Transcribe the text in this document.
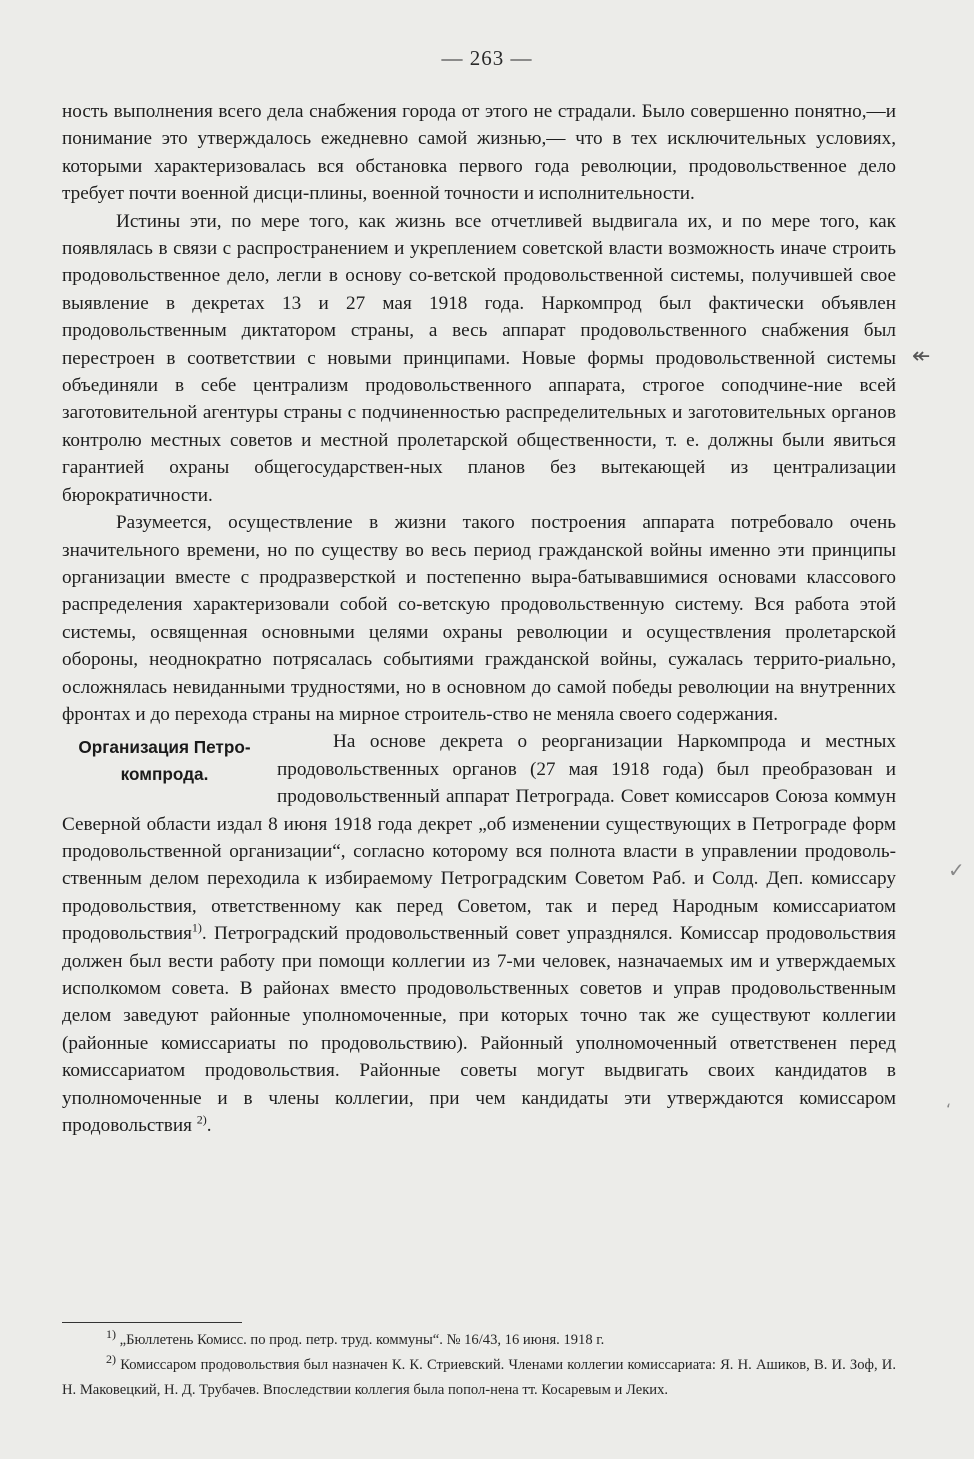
— 263 —

ность выполнения всего дела снабжения города от этого не страдали. Было совершенно понятно,—и понимание это утверждалось ежедневно самой жизнью,— что в тех исключительных условиях, которыми характеризовалась вся обстановка первого года революции, продовольственное дело требует почти военной дисци-плины, военной точности и исполнительности.

Истины эти, по мере того, как жизнь все отчетливей выдвигала их, и по мере того, как появлялась в связи с распространением и укреплением советской власти возможность иначе строить продовольственное дело, легли в основу со-ветской продовольственной системы, получившей свое выявление в декретах 13 и 27 мая 1918 года. Наркомпрод был фактически объявлен продовольственным диктатором страны, а весь аппарат продовольственного снабжения был перестроен в соответствии с новыми принципами. Новые формы продовольственной системы объединяли в себе централизм продовольственного аппарата, строгое соподчине-ние всей заготовительной агентуры страны с подчиненностью распределительных и заготовительных органов контролю местных советов и местной пролетарской общественности, т. е. должны были явиться гарантией охраны общегосударствен-ных планов без вытекающей из централизации бюрократичности.

Разумеется, осуществление в жизни такого построения аппарата потребовало очень значительного времени, но по существу во весь период гражданской войны именно эти принципы организации вместе с продразверсткой и постепенно выра-батывавшимися основами классового распределения характеризовали собой со-ветскую продовольственную систему. Вся работа этой системы, освященная основными целями охраны революции и осуществления пролетарской обороны, неоднократно потрясалась событиями гражданской войны, сужалась террито-риально, осложнялась невиданными трудностями, но в основном до самой победы революции на внутренних фронтах и до перехода страны на мирное строитель-ство не меняла своего содержания.

Организация Петро-
компрода.

На основе декрета о реорганизации Наркомпрода и местных продовольственных органов (27 мая 1918 года) был преобразован и продовольственный аппарат Петрограда. Совет комиссаров Союза коммун Северной области издал 8 июня 1918 года декрет „об изменении существующих в Петрограде форм продовольственной организации“, согласно которому вся полнота власти в управлении продоволь-ственным делом переходила к избираемому Петроградским Советом Раб. и Солд. Деп. комиссару продовольствия, ответственному как перед Советом, так и перед Народным комиссариатом продовольствия$^{1)}$. Петроградский продовольственный совет упразднялся. Комиссар продовольствия должен был вести работу при помощи коллегии из 7-ми человек, назначаемых им и утверждаемых исполкомом совета. В районах вместо продовольственных советов и управ продовольственным делом заведуют районные уполномоченные, при которых точно так же существуют коллегии (районные комиссариаты по продовольствию). Районный уполномоченный ответственен перед комиссариатом продовольствия. Районные советы могут выдвигать своих кандидатов в уполномоченные и в члены коллегии, при чем кандидаты эти утверждаются комиссаром продовольствия $^{2)}$.

$^{1)}$ „Бюллетень Комисс. по прод. петр. труд. коммуны“. № 16/43, 16 июня. 1918 г.

$^{2)}$ Комиссаром продовольствия был назначен К. К. Стриевский. Членами коллегии комиссариата: Я. Н. Ашиков, В. И. Зоф, И. Н. Маковецкий, Н. Д. Трубачев. Впоследствии коллегия была попол-нена тт. Косаревым и Леких.

↞
✓
‘
